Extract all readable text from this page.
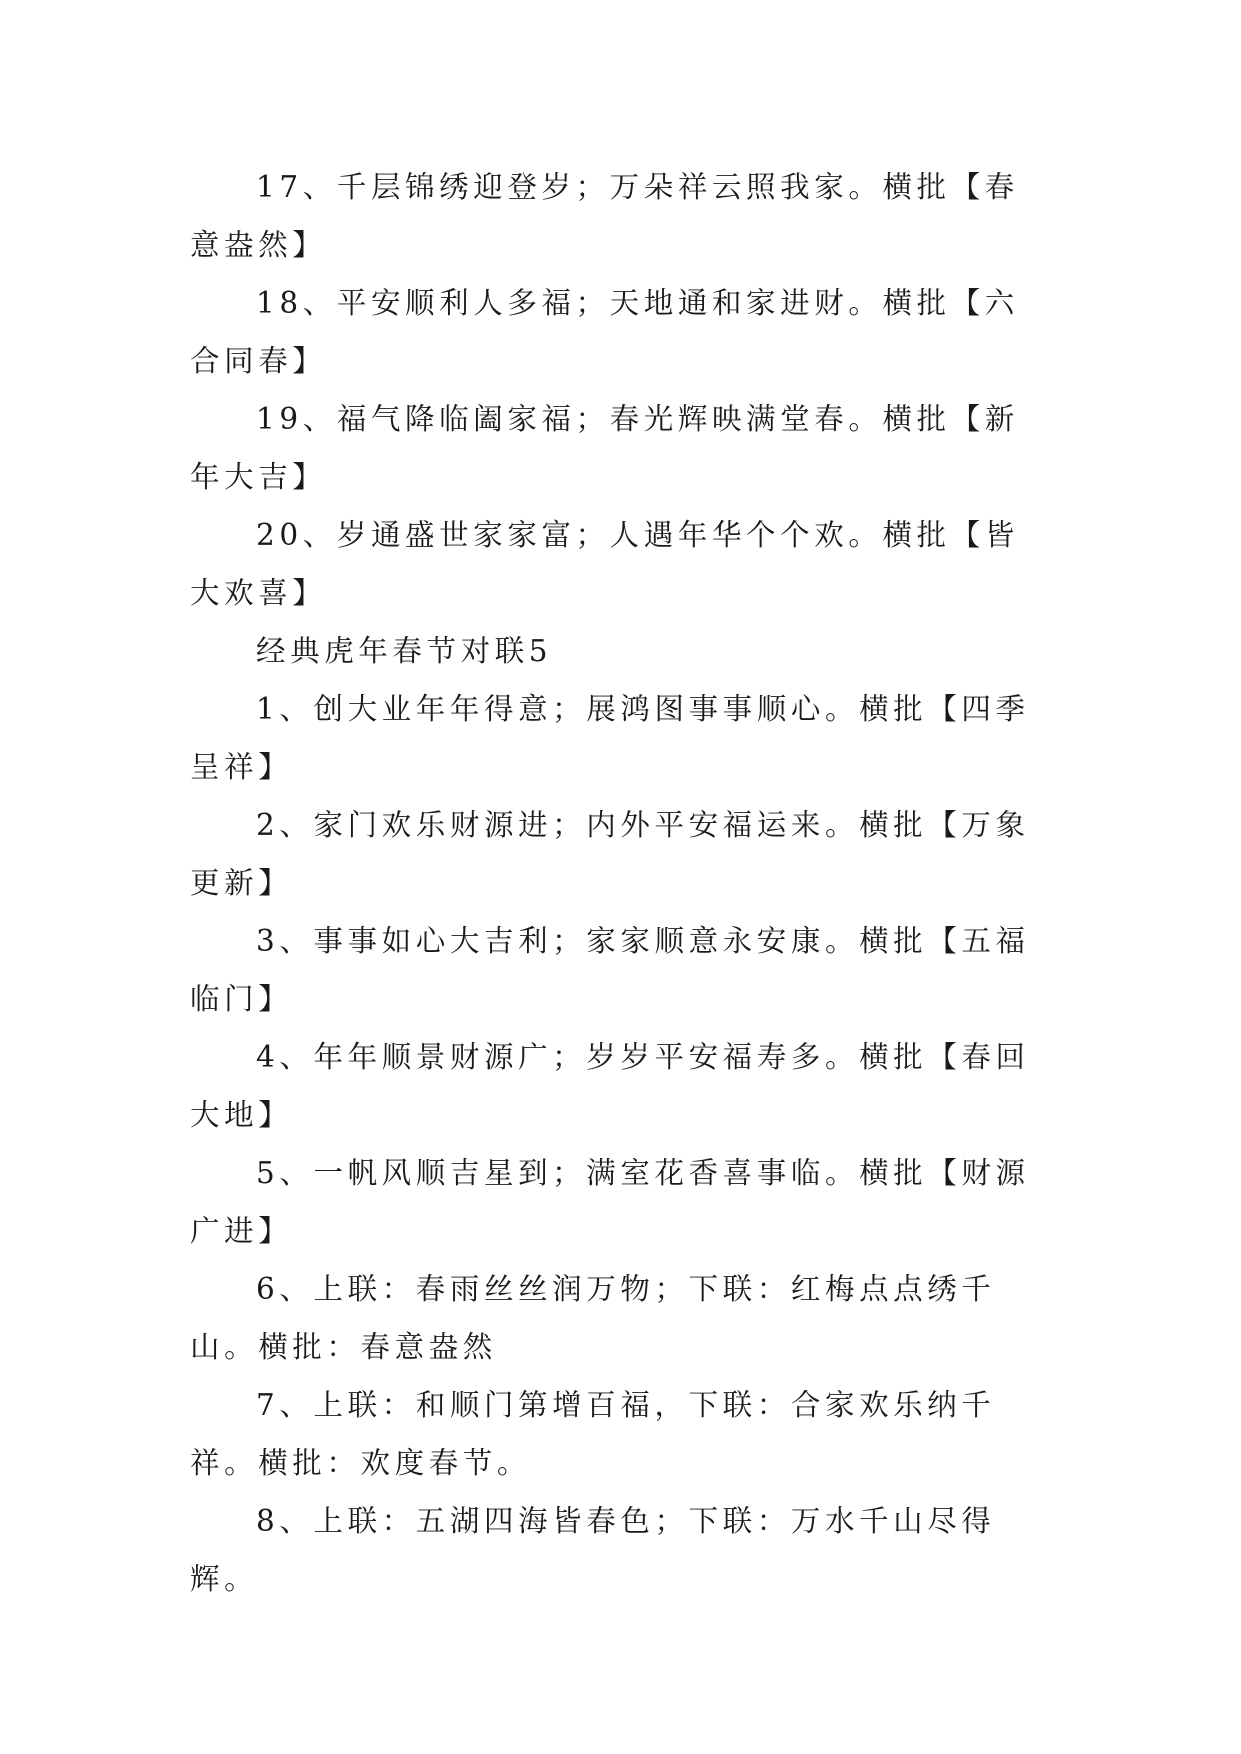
17、千层锦绣迎登岁；万朵祥云照我家。横批【春意盎然】

18、平安顺利人多福；天地通和家进财。横批【六合同春】

19、福气降临阖家福；春光辉映满堂春。横批【新年大吉】

20、岁通盛世家家富；人遇年华个个欢。横批【皆大欢喜】

经典虎年春节对联5

1、创大业年年得意；展鸿图事事顺心。横批【四季呈祥】

2、家门欢乐财源进；内外平安福运来。横批【万象更新】

3、事事如心大吉利；家家顺意永安康。横批【五福临门】

4、年年顺景财源广；岁岁平安福寿多。横批【春回大地】

5、一帆风顺吉星到；满室花香喜事临。横批【财源广进】

6、上联：春雨丝丝润万物；下联：红梅点点绣千山。横批：春意盎然

7、上联：和顺门第增百福，下联：合家欢乐纳千祥。横批：欢度春节。

8、上联：五湖四海皆春色；下联：万水千山尽得辉。
